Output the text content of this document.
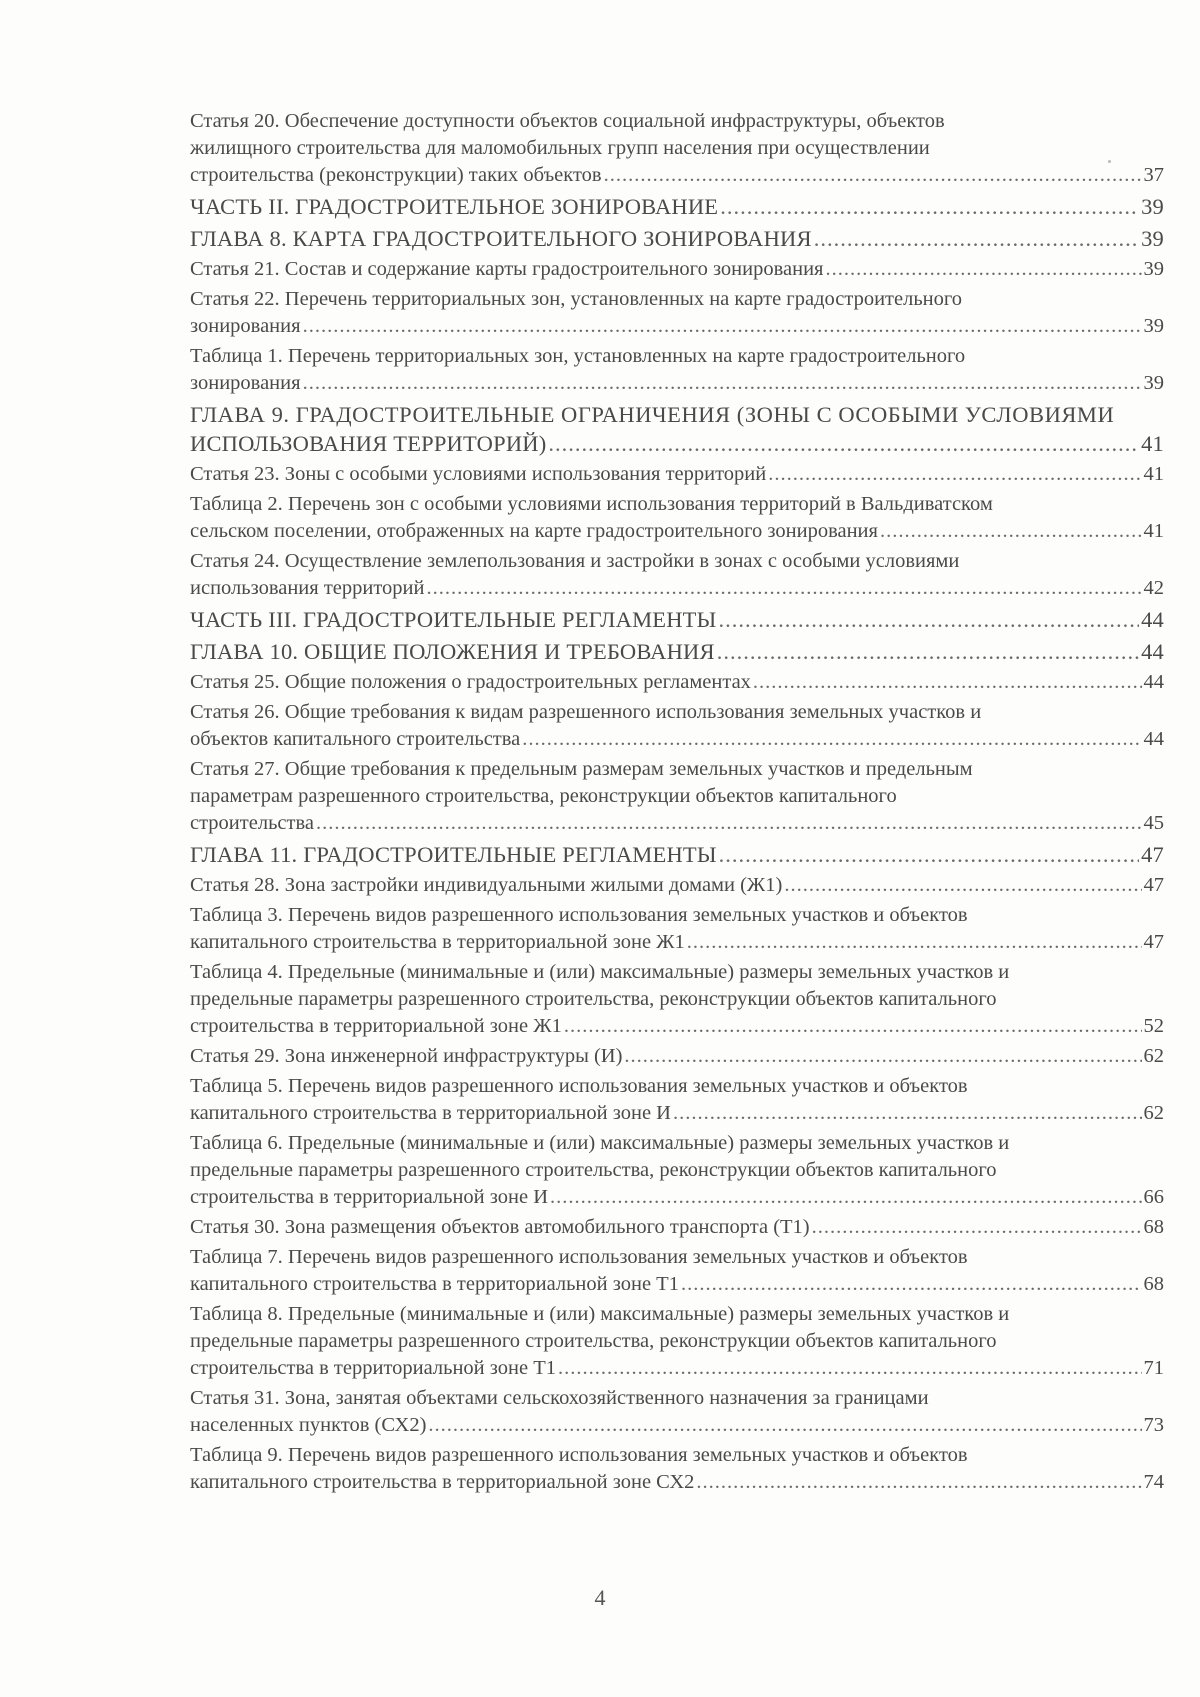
Статья 20. Обеспечение доступности объектов социальной инфраструктуры, объектов
жилищного строительства для маломобильных групп населения при осуществлении
строительства (реконструкции) таких объектов .....	37
ЧАСТЬ II. ГРАДОСТРОИТЕЛЬНОЕ ЗОНИРОВАНИЕ .....	39
ГЛАВА 8. КАРТА ГРАДОСТРОИТЕЛЬНОГО ЗОНИРОВАНИЯ .....	39
Статья 21. Состав и содержание карты градостроительного зонирования .....	39
Статья 22. Перечень территориальных зон, установленных на карте градостроительного
зонирования .....	39
Таблица 1. Перечень территориальных зон, установленных на карте градостроительного
зонирования .....	39
ГЛАВА 9. ГРАДОСТРОИТЕЛЬНЫЕ ОГРАНИЧЕНИЯ (ЗОНЫ С ОСОБЫМИ УСЛОВИЯМИ
ИСПОЛЬЗОВАНИЯ ТЕРРИТОРИЙ) .....	41
Статья 23. Зоны с особыми условиями использования территорий .....	41
Таблица 2. Перечень зон с особыми условиями использования территорий в Вальдиватском
сельском поселении, отображенных на карте градостроительного зонирования .....	41
Статья 24. Осуществление землепользования и застройки в зонах с особыми условиями
использования территорий .....	42
ЧАСТЬ III. ГРАДОСТРОИТЕЛЬНЫЕ РЕГЛАМЕНТЫ .....	44
ГЛАВА 10. ОБЩИЕ ПОЛОЖЕНИЯ И ТРЕБОВАНИЯ .....	44
Статья 25. Общие положения о градостроительных регламентах .....	44
Статья 26. Общие требования к видам разрешенного использования земельных участков и
объектов капитального строительства .....	44
Статья 27. Общие требования к предельным размерам земельных участков и предельным
параметрам разрешенного строительства, реконструкции объектов капитального
строительства .....	45
ГЛАВА 11. ГРАДОСТРОИТЕЛЬНЫЕ РЕГЛАМЕНТЫ .....	47
Статья 28. Зона застройки индивидуальными жилыми домами (Ж1) .....	47
Таблица 3. Перечень видов разрешенного использования земельных участков и объектов
капитального строительства в территориальной зоне Ж1 .....	47
Таблица 4. Предельные (минимальные и (или) максимальные) размеры земельных участков и
предельные параметры разрешенного строительства, реконструкции объектов капитального
строительства в территориальной зоне Ж1 .....	52
Статья 29. Зона инженерной инфраструктуры (И) .....	62
Таблица 5. Перечень видов разрешенного использования земельных участков и объектов
капитального строительства в территориальной зоне И .....	62
Таблица 6. Предельные (минимальные и (или) максимальные) размеры земельных участков и
предельные параметры разрешенного строительства, реконструкции объектов капитального
строительства в территориальной зоне И .....	66
Статья 30. Зона размещения объектов автомобильного транспорта (Т1) .....	68
Таблица 7. Перечень видов разрешенного использования земельных участков и объектов
капитального строительства в территориальной зоне Т1 .....	68
Таблица 8. Предельные (минимальные и (или) максимальные) размеры земельных участков и
предельные параметры разрешенного строительства, реконструкции объектов капитального
строительства в территориальной зоне Т1 .....	71
Статья 31. Зона, занятая объектами сельскохозяйственного назначения за границами
населенных пунктов (СХ2) .....	73
Таблица 9. Перечень видов разрешенного использования земельных участков и объектов
капитального строительства в территориальной зоне СХ2 .....	74
4
